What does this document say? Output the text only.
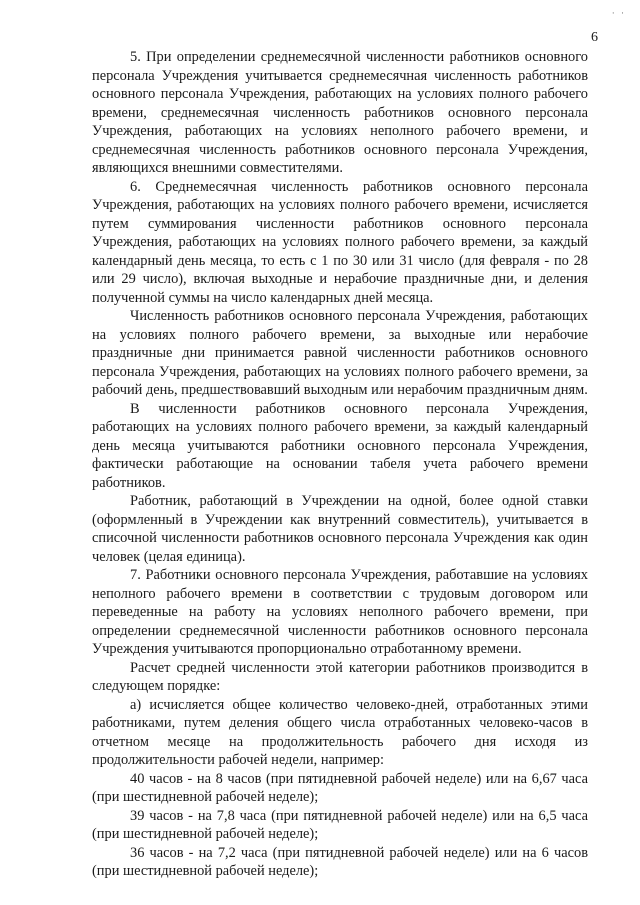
· ·
6

5. При определении среднемесячной численности работников основного персонала Учреждения учитывается среднемесячная численность работников основного персонала Учреждения, работающих на условиях полного рабочего времени, среднемесячная численность работников основного персонала Учреждения, работающих на условиях неполного рабочего времени, и среднемесячная численность работников основного персонала Учреждения, являющихся внешними совместителями.

6. Среднемесячная численность работников основного персонала Учреждения, работающих на условиях полного рабочего времени, исчисляется путем суммирования численности работников основного персонала Учреждения, работающих на условиях полного рабочего времени, за каждый календарный день месяца, то есть с 1 по 30 или 31 число (для февраля - по 28 или 29 число), включая выходные и нерабочие праздничные дни, и деления полученной суммы на число календарных дней месяца.

Численность работников основного персонала Учреждения, работающих на условиях полного рабочего времени, за выходные или нерабочие праздничные дни принимается равной численности работников основного персонала Учреждения, работающих на условиях полного рабочего времени, за рабочий день, предшествовавший выходным или нерабочим праздничным дням.

В численности работников основного персонала Учреждения, работающих на условиях полного рабочего времени, за каждый календарный день месяца учитываются работники основного персонала Учреждения, фактически работающие на основании табеля учета рабочего времени работников.

Работник, работающий в Учреждении на одной, более одной ставки (оформленный в Учреждении как внутренний совместитель), учитывается в списочной численности работников основного персонала Учреждения как один человек (целая единица).

7. Работники основного персонала Учреждения, работавшие на условиях неполного рабочего времени в соответствии с трудовым договором или переведенные на работу на условиях неполного рабочего времени, при определении среднемесячной численности работников основного персонала Учреждения учитываются пропорционально отработанному времени.

Расчет средней численности этой категории работников производится в следующем порядке:

а) исчисляется общее количество человеко-дней, отработанных этими работниками, путем деления общего числа отработанных человеко-часов в отчетном месяце на продолжительность рабочего дня исходя из продолжительности рабочей недели, например:

40 часов - на 8 часов (при пятидневной рабочей неделе) или на 6,67 часа (при шестидневной рабочей неделе);

39 часов - на 7,8 часа (при пятидневной рабочей неделе) или на 6,5 часа (при шестидневной рабочей неделе);

36 часов - на 7,2 часа (при пятидневной рабочей неделе) или на 6 часов (при шестидневной рабочей неделе);
